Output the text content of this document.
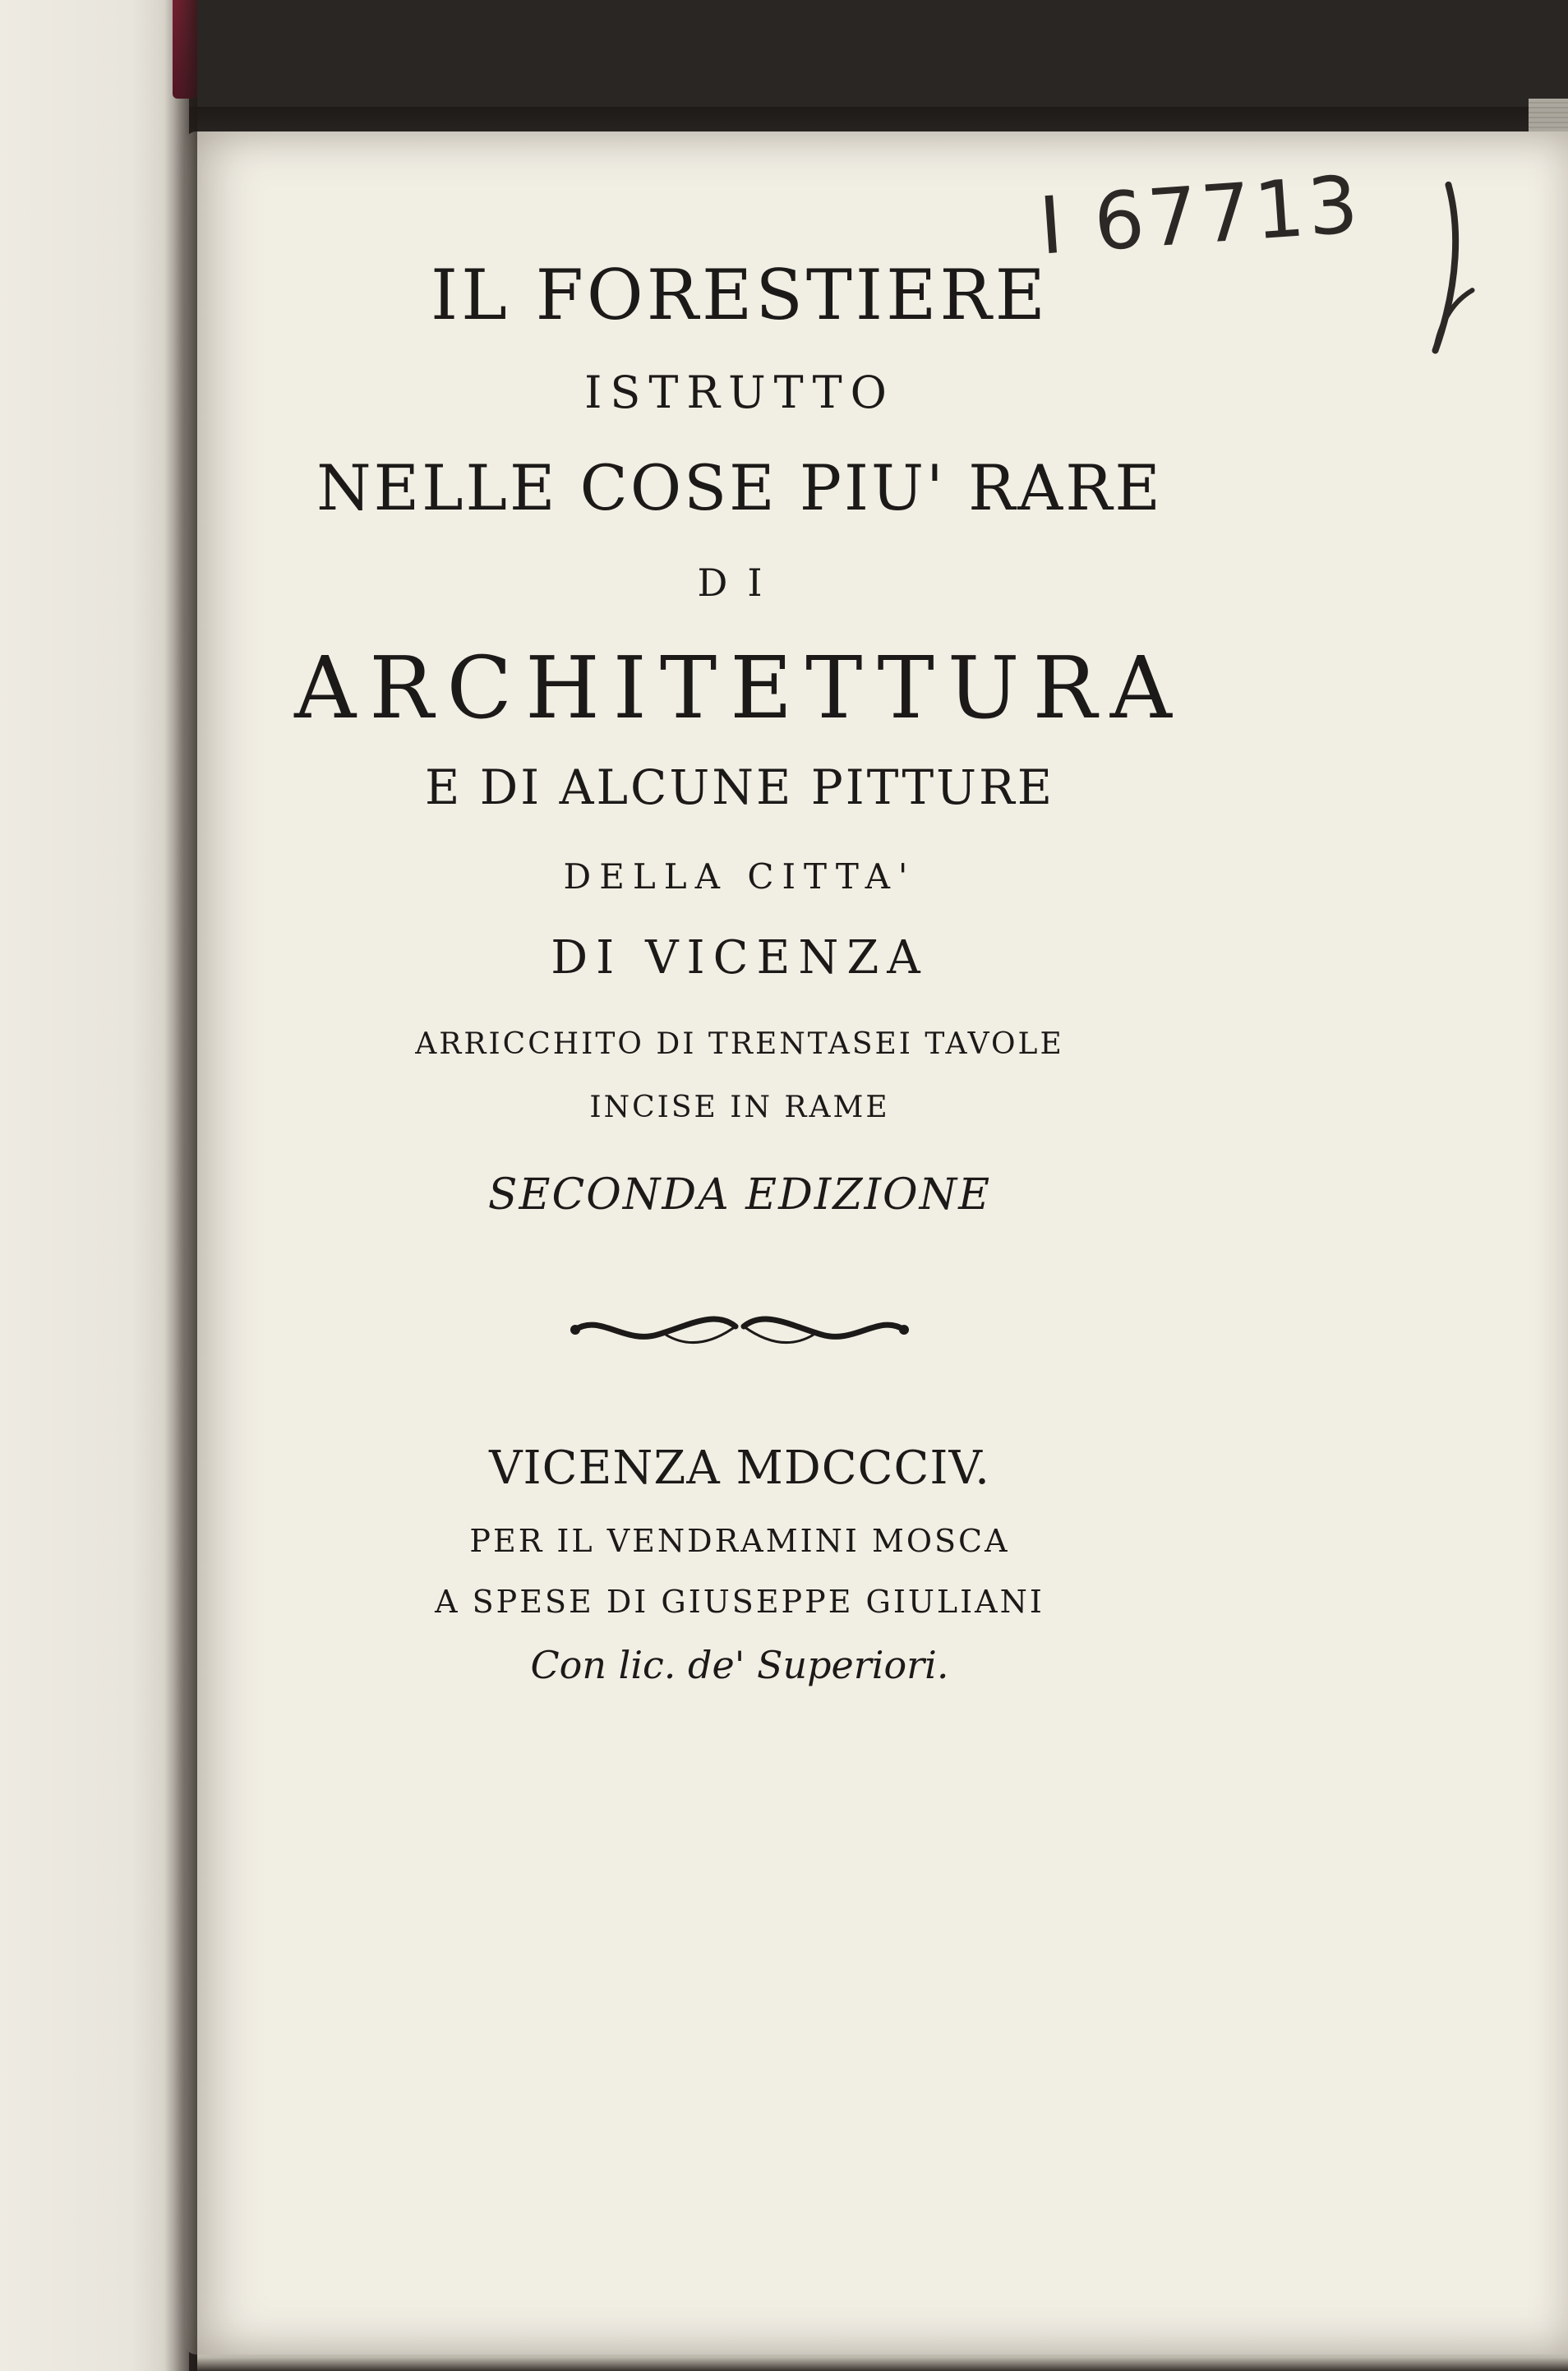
I 67713
IL FORESTIERE
ISTRUTTO
NELLE COSE PIU' RARE
DI
ARCHITETTURA
E DI ALCUNE PITTURE
DELLA CITTA'
DI VICENZA
ARRICCHITO DI TRENTASEI TAVOLE
INCISE IN RAME
SECONDA EDIZIONE
VICENZA MDCCCIV.
PER IL VENDRAMINI MOSCA
A SPESE DI GIUSEPPE GIULIANI
Con lic. de' Superiori.
